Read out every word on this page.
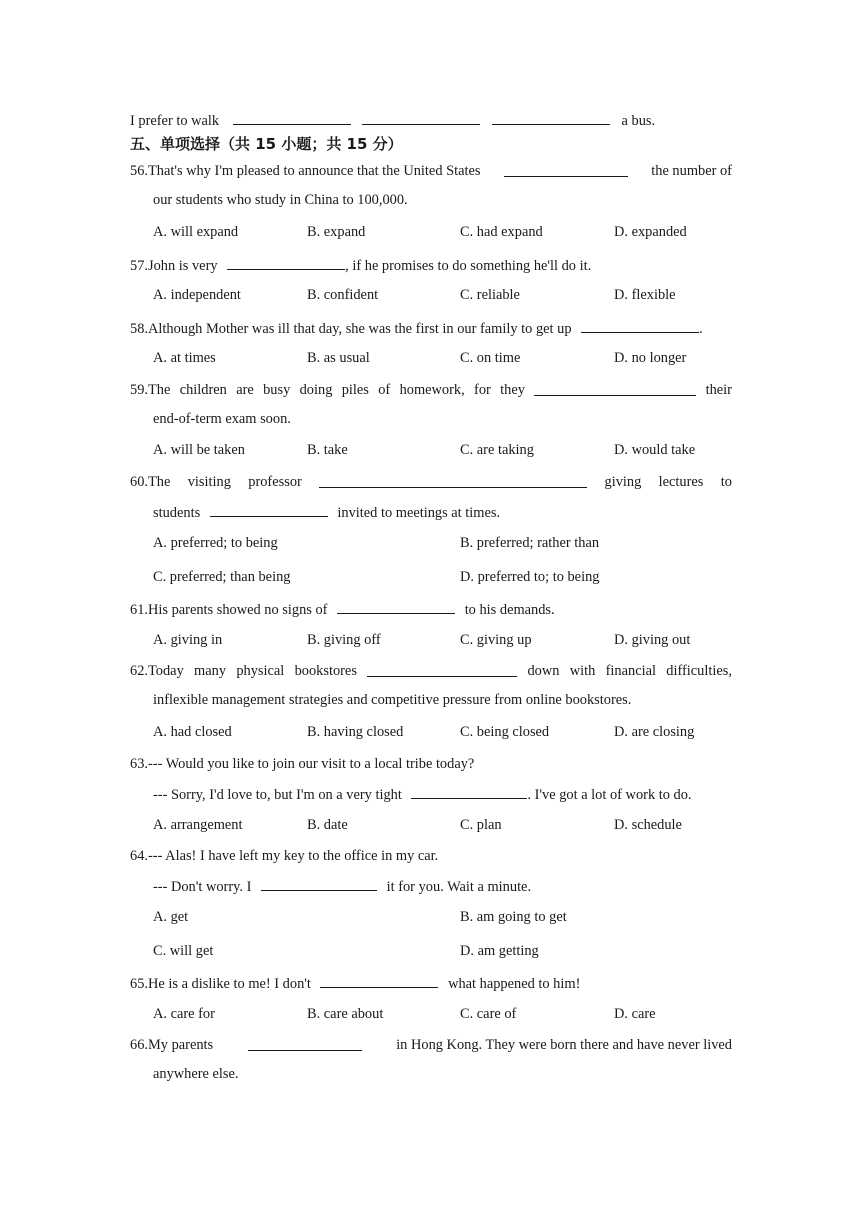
I prefer to walk	a bus.
五、单项选择（共 15 小题；共 15 分）
56.That's why I'm pleased to announce that the United States	the number of
our students who study in China to 100,000.
A. will expand	B. expand	C. had expand	D. expanded
57.John is very	, if he promises to do something he'll do it.
A. independent	B. confident	C. reliable	D. flexible
58.Although Mother was ill that day, she was the first in our family to get up	.
A. at times	B. as usual	C. on time	D. no longer
59.The children are busy doing piles of homework, for they	their
end-of-term exam soon.
A. will be taken	B. take	C. are taking	D. would take
60.The visiting professor	giving lectures to
students	invited to meetings at times.
A. preferred; to being	B. preferred; rather than
C. preferred; than being	D. preferred to; to being
61.His parents showed no signs of	to his demands.
A. giving in	B. giving off	C. giving up	D. giving out
62.Today many physical bookstores	down with financial difficulties,
inflexible management strategies and competitive pressure from online bookstores.
A. had closed	B. having closed	C. being closed	D. are closing
63.--- Would you like to join our visit to a local tribe today?
--- Sorry, I'd love to, but I'm on a very tight	. I've got a lot of work to do.
A. arrangement	B. date	C. plan	D. schedule
64.--- Alas! I have left my key to the office in my car.
--- Don't worry. I	it for you. Wait a minute.
A. get	B. am going to get
C. will get	D. am getting
65.He is a dislike to me! I don't	what happened to him!
A. care for	B. care about	C. care of	D. care
66.My parents	in Hong Kong. They were born there and have never lived
anywhere else.
